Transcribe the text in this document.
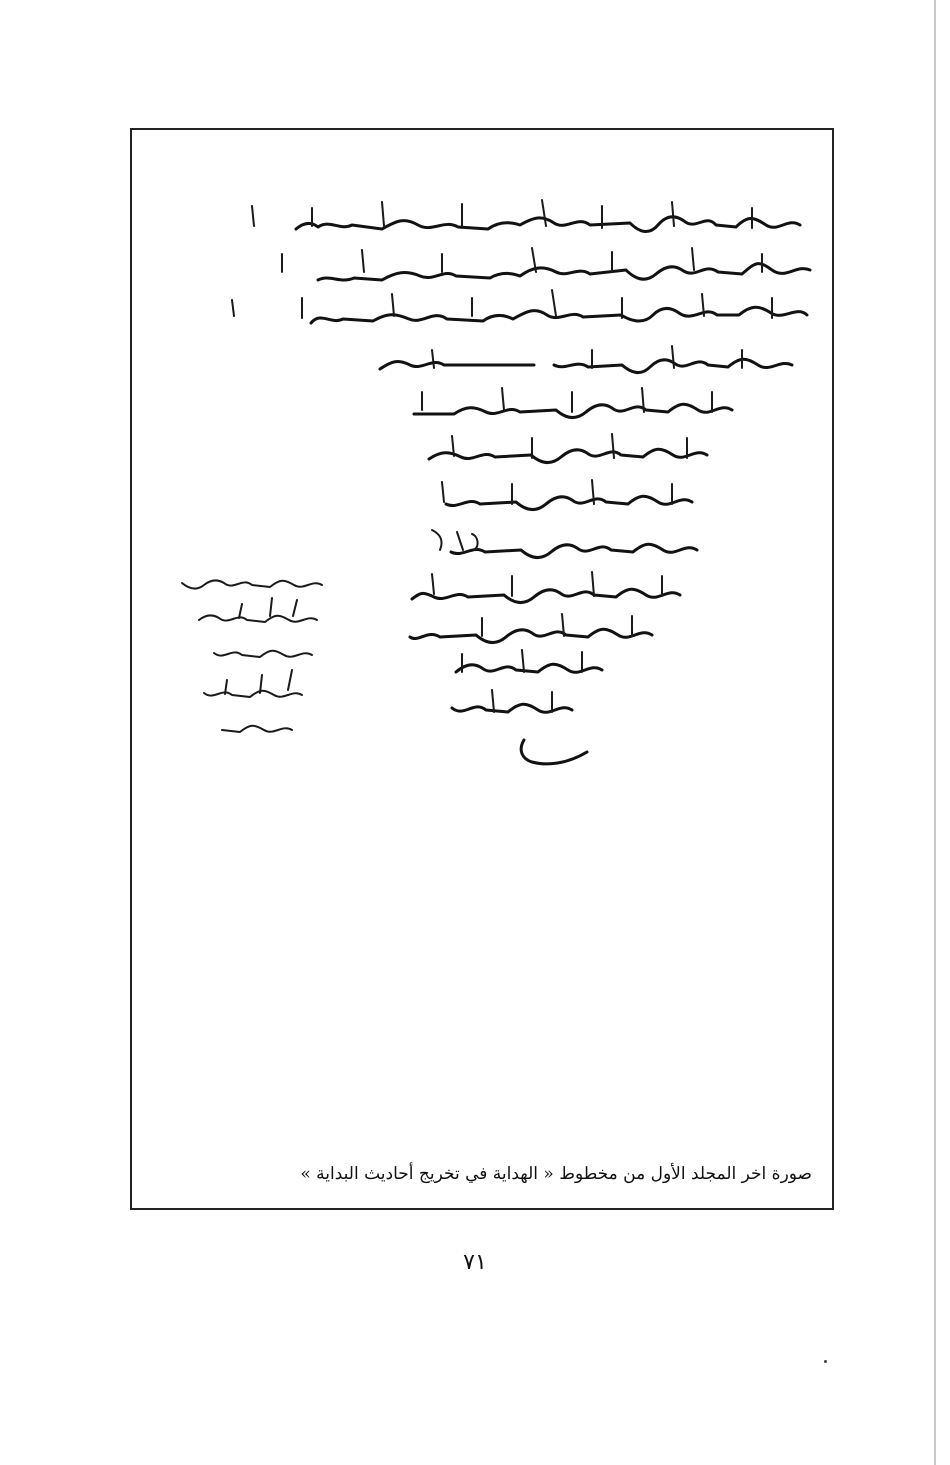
صورة اخر المجلد الأول من مخطوط « الهداية في تخريج أحاديث البداية »
٧١
